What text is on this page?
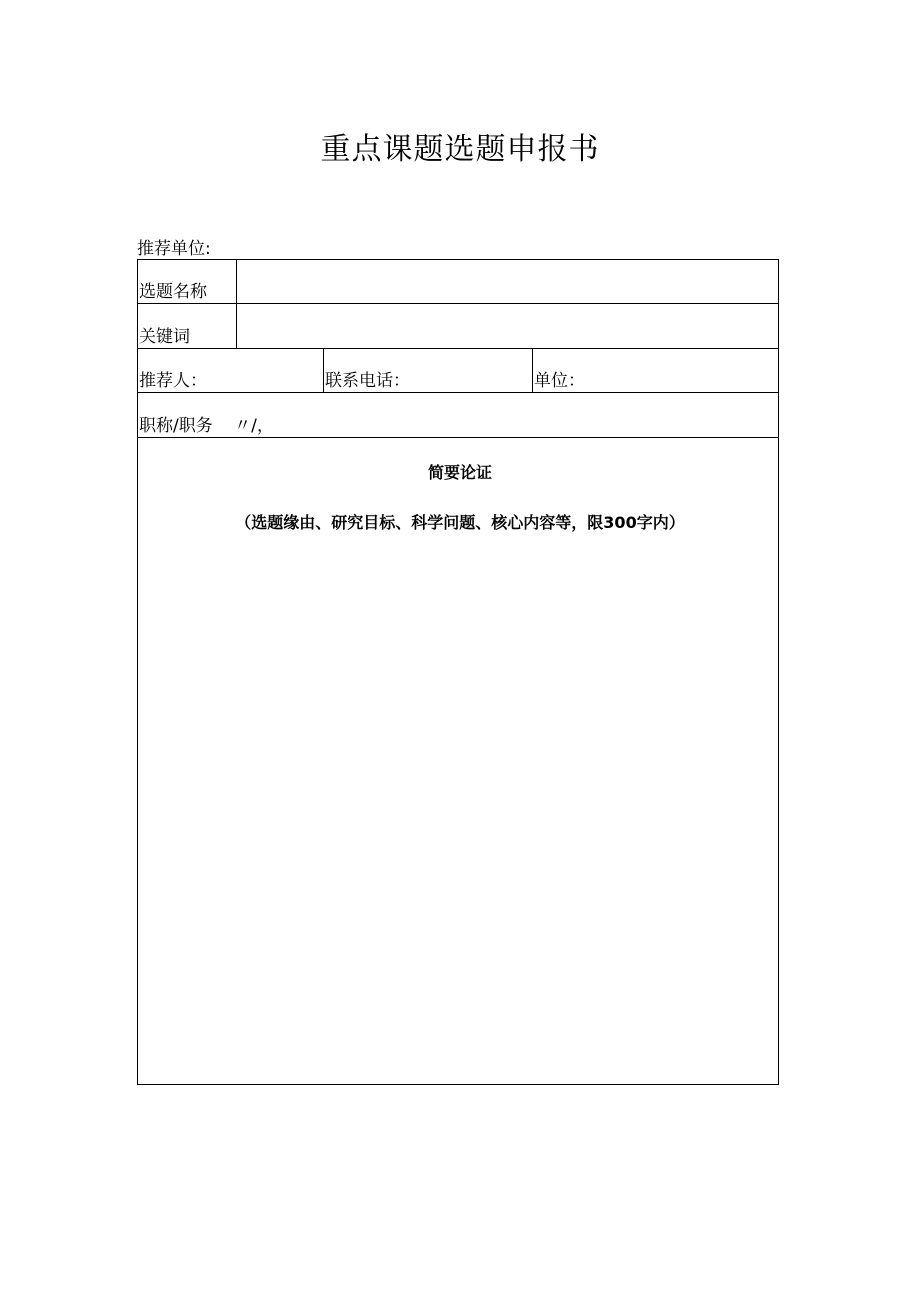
重点课题选题申报书
推荐单位:
选题名称
关键词
推荐人：	联系电话：	单位：
职称/职务 〃/，
简要论证
（选题缘由、研究目标、科学问题、核心内容等，限300字内）
